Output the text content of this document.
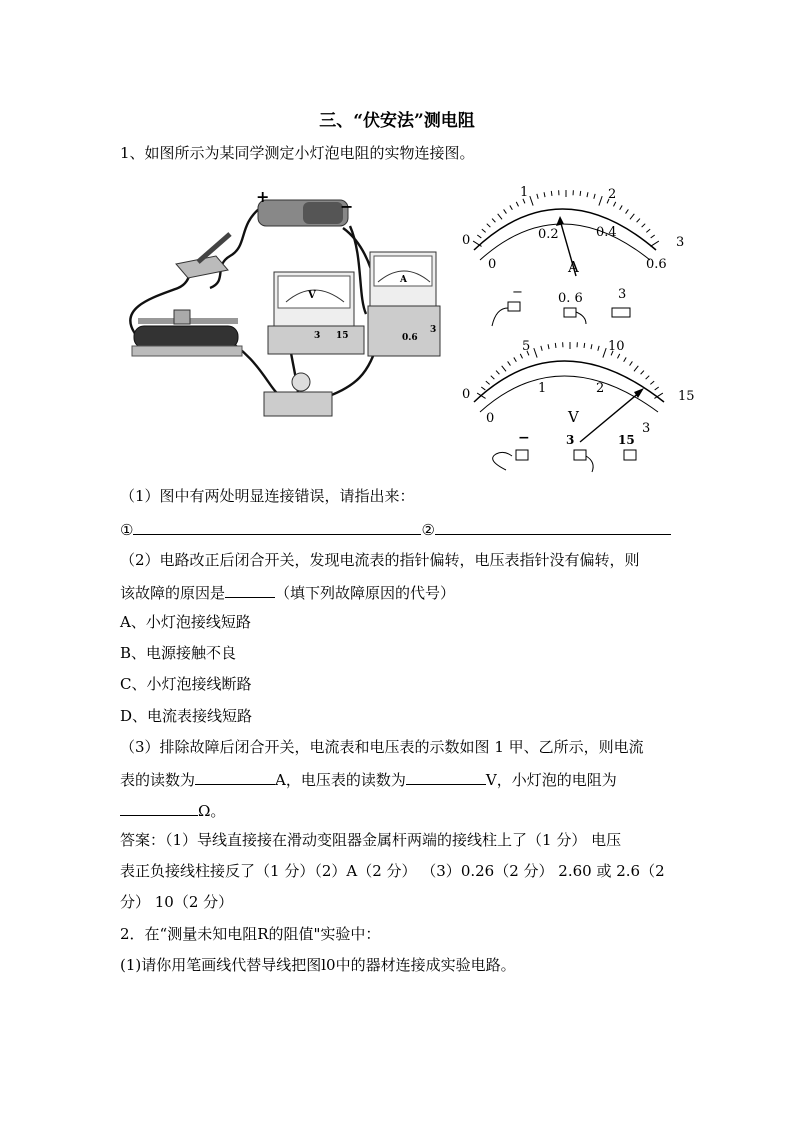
三、“伏安法”测电阻
1、如图所示为某同学测定小灯泡电阻的实物连接图。
+
−
V
3 15
A
0.6
3
0
1	2
3
0
0.2	0.4
0.6
A
−	0. 6	3
0
5	10
15
0
1	2
3
V
−	3	15
（1）图中有两处明显连接错误，请指出来：
①	②
（2）电路改正后闭合开关，发现电流表的指针偏转，电压表指针没有偏转，则
该故障的原因是	（填下列故障原因的代号）
A、小灯泡接线短路
B、电源接触不良
C、小灯泡接线断路
D、电流表接线短路
（3）排除故障后闭合开关，电流表和电压表的示数如图 1 甲、乙所示，则电流
表的读数为	A，电压表的读数为	V，小灯泡的电阻为
Ω。
答案：（1）导线直接接在滑动变阻器金属杆两端的接线柱上了（1 分） 电压
表正负接线柱接反了（1 分）（2）A（2 分） （3）0.26（2 分） 2.60 或 2.6（2
分） 10（2 分）
2．在“测量未知电阻R的阻值"实验中：
(1)请你用笔画线代替导线把图l0中的器材连接成实验电路。
